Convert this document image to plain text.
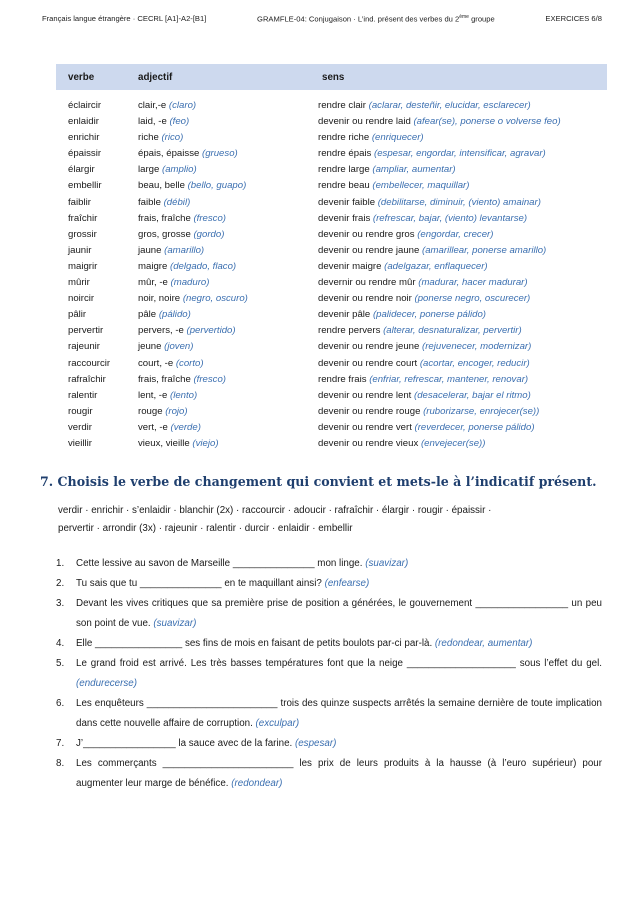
Français langue étrangère · CECRL [A1]-A2-[B1]	GRAMFLE-04: Conjugaison · L’ind. présent des verbes du 2ème groupe	EXERCICES 6/8
verbe	adjectif	sens
éclaircir	clair,-e (claro)	rendre clair (aclarar, desteñir, elucidar, esclarecer)
enlaidir	laid, -e (feo)	devenir ou rendre laid (afear(se), ponerse o volverse feo)
enrichir	riche (rico)	rendre riche (enriquecer)
épaissir	épais, épaisse (grueso)	rendre épais (espesar, engordar, intensificar, agravar)
élargir	large (amplio)	rendre large (ampliar, aumentar)
embellir	beau, belle (bello, guapo)	rendre beau (embellecer, maquillar)
faiblir	faible (débil)	devenir faible (debilitarse, diminuir, (viento) amainar)
fraîchir	frais, fraîche (fresco)	devenir frais (refrescar, bajar, (viento) levantarse)
grossir	gros, grosse (gordo)	devenir ou rendre gros (engordar, crecer)
jaunir	jaune (amarillo)	devenir ou rendre jaune (amarillear, ponerse amarillo)
maigrir	maigre (delgado, flaco)	devenir maigre (adelgazar, enflaquecer)
mûrir	mûr, -e (maduro)	devernir ou rendre mûr (madurar, hacer madurar)
noircir	noir, noire (negro, oscuro)	devenir ou rendre noir (ponerse negro, oscurecer)
pâlir	pâle (pálido)	devenir pâle (palidecer, ponerse pálido)
pervertir	pervers, -e (pervertido)	rendre pervers (alterar, desnaturalizar, pervertir)
rajeunir	jeune (joven)	devenir ou rendre jeune (rejuvenecer, modernizar)
raccourcir	court, -e (corto)	devenir ou rendre court (acortar, encoger, reducir)
rafraîchir	frais, fraîche (fresco)	rendre frais (enfriar, refrescar, mantener, renovar)
ralentir	lent, -e (lento)	devenir ou rendre lent (desacelerar, bajar el ritmo)
rougir	rouge (rojo)	devenir ou rendre rouge (ruborizarse, enrojecer(se))
verdir	vert, -e (verde)	devenir ou rendre vert (reverdecer, ponerse pálido)
vieillir	vieux, vieille (viejo)	devenir ou rendre vieux (envejecer(se))
7. Choisis le verbe de changement qui convient et mets-le à l’indicatif présent.
verdir · enrichir · s’enlaidir · blanchir (2x) · raccourcir · adoucir · rafraîchir · élargir · rougir · épaissir ·
pervertir · arrondir (3x) · rajeunir · ralentir · durcir · enlaidir · embellir
1.	Cette lessive au savon de Marseille _______________ mon linge. (suavizar)
2.	Tu sais que tu _______________ en te maquillant ainsi? (enfearse)
3.	Devant les vives critiques que sa première prise de position a générées, le gouvernement _________________ un peu son point de vue. (suavizar)
4.	Elle ________________ ses fins de mois en faisant de petits boulots par-ci par-là. (redondear, aumentar)
5.	Le grand froid est arrivé. Les très basses températures font que la neige ____________________ sous l’effet du gel. (endurecerse)
6.	Les enquêteurs ________________________ trois des quinze suspects arrêtés la semaine dernière de toute implication dans cette nouvelle affaire de corruption. (exculpar)
7.	J’_________________ la sauce avec de la farine. (espesar)
8.	Les commerçants ________________________ les prix de leurs produits à la hausse (à l’euro supérieur) pour augmenter leur marge de bénéfice. (redondear)
